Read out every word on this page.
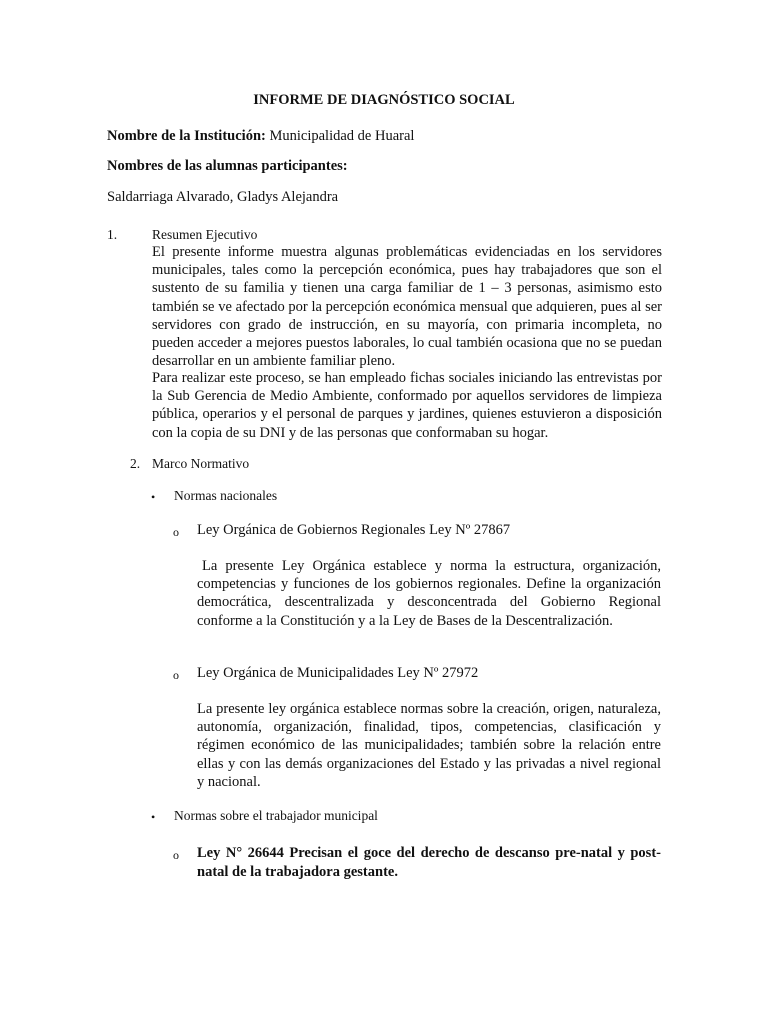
INFORME DE DIAGNÓSTICO SOCIAL
Nombre de la Institución: Municipalidad de Huaral
Nombres de las alumnas participantes:
Saldarriaga Alvarado, Gladys Alejandra
1.	Resumen Ejecutivo
El presente informe muestra algunas problemáticas evidenciadas en los servidores municipales, tales como la percepción económica, pues hay trabajadores que son el sustento de su familia y tienen una carga familiar de 1 – 3 personas, asimismo esto también se ve afectado por la percepción económica mensual que adquieren, pues al ser servidores con grado de instrucción, en su mayoría, con primaria incompleta, no pueden acceder a mejores puestos laborales, lo cual también ocasiona que no se puedan desarrollar en un ambiente familiar pleno.
Para realizar este proceso, se han empleado fichas sociales iniciando las entrevistas por la Sub Gerencia de Medio Ambiente, conformado por aquellos servidores de limpieza pública, operarios y el personal de parques y jardines, quienes estuvieron a disposición con la copia de su DNI y de las personas que conformaban su hogar.
2. Marco Normativo
• Normas nacionales
o Ley Orgánica de Gobiernos Regionales Ley Nº 27867
La presente Ley Orgánica establece y norma la estructura, organización, competencias y funciones de los gobiernos regionales. Define la organización democrática, descentralizada y desconcentrada del Gobierno Regional conforme a la Constitución y a la Ley de Bases de la Descentralización.
o Ley Orgánica de Municipalidades Ley Nº 27972
La presente ley orgánica establece normas sobre la creación, origen, naturaleza, autonomía, organización, finalidad, tipos, competencias, clasificación y régimen económico de las municipalidades; también sobre la relación entre ellas y con las demás organizaciones del Estado y las privadas a nivel regional y nacional.
• Normas sobre el trabajador municipal
o Ley N° 26644 Precisan el goce del derecho de descanso pre-natal y post-natal de la trabajadora gestante.
